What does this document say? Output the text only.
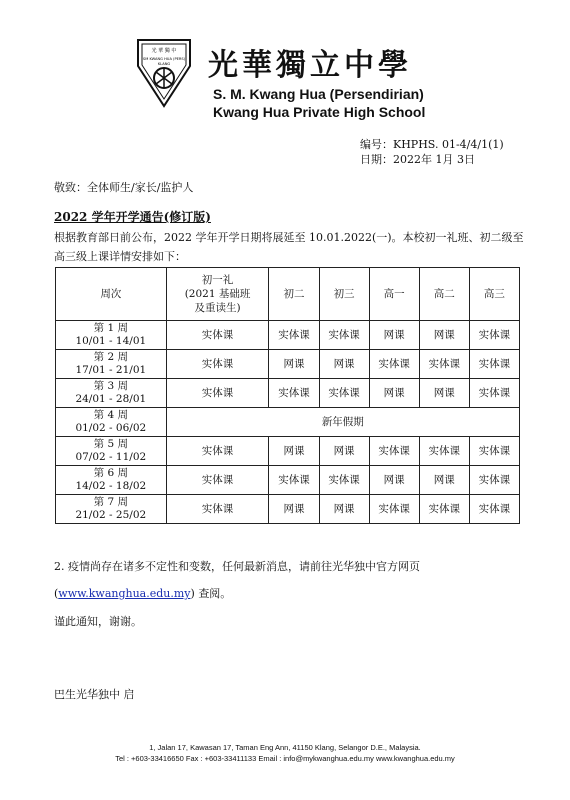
光 華 獨 中
SM KWANG HUA (PERS)
KLANG 光華獨立中學
S. M. Kwang Hua (Persendirian)
Kwang Hua Private High School
编号：KHPHS. 01-4/4/1(1)
日期：2022年 1月 3日
敬致：全体师生/家长/监护人
2022 学年开学通告(修订版)
根据教育部日前公布，2022 学年开学日期将展延至 10.01.2022(一)。本校初一礼班、初二级至高三级上课详情安排如下：
周次	初一礼
(2021 基础班
及重读生)	初二	初三	高一	高二	高三
第 1 周
10/01 - 14/01	实体课	实体课	实体课	网课	网课	实体课
第 2 周
17/01 - 21/01	实体课	网课	网课	实体课	实体课	实体课
第 3 周
24/01 - 28/01	实体课	实体课	实体课	网课	网课	实体课
第 4 周
01/02 - 06/02	新年假期					
第 5 周
07/02 - 11/02	实体课	网课	网课	实体课	实体课	实体课
第 6 周
14/02 - 18/02	实体课	实体课	实体课	网课	网课	实体课
第 7 周
21/02 - 25/02	实体课	网课	网课	实体课	实体课	实体课
2. 疫情尚存在诸多不定性和变数，任何最新消息，请前往光华独中官方网页
(www.kwanghua.edu.my) 查阅。
谨此通知，谢谢。
巴生光华独中 启
1, Jalan 17, Kawasan 17, Taman Eng Ann, 41150 Klang, Selangor D.E., Malaysia.
Tel : +603-33416650 Fax : +603-33411133 Email : info@mykwanghua.edu.my www.kwanghua.edu.my
